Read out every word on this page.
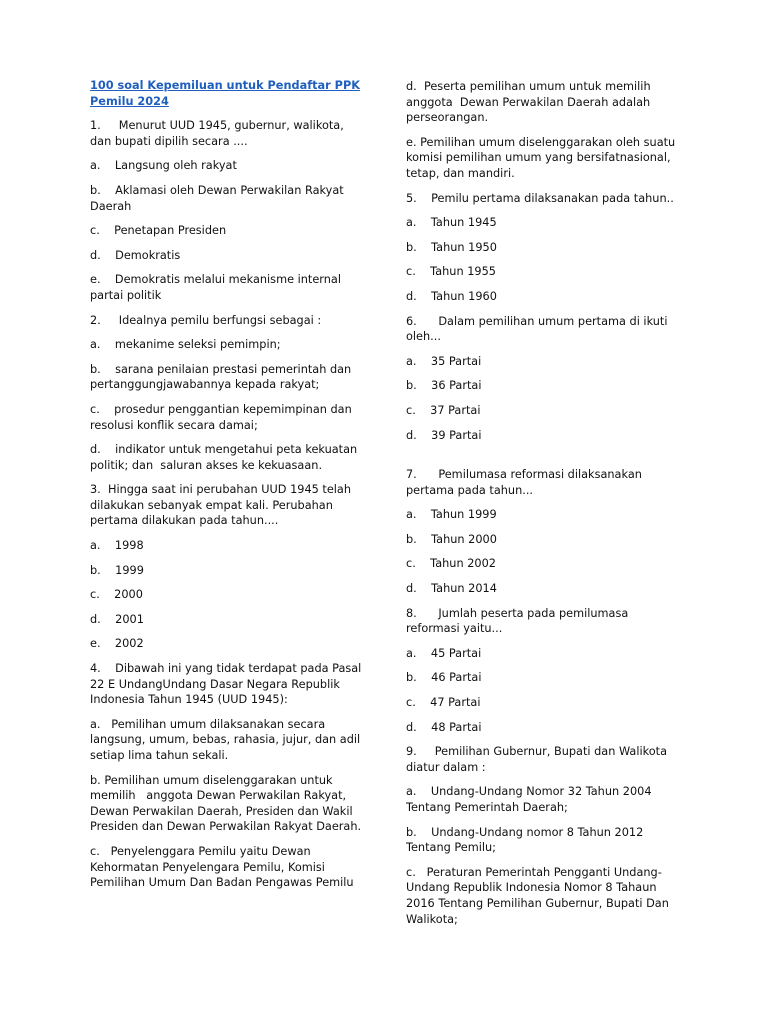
100 soal Kepemiluan untuk Pendaftar PPK Pemilu 2024

1.     Menurut UUD 1945, gubernur, walikota, dan bupati dipilih secara ....

a.    Langsung oleh rakyat

b.    Aklamasi oleh Dewan Perwakilan Rakyat Daerah

c.    Penetapan Presiden

d.    Demokratis

e.    Demokratis melalui mekanisme internal partai politik

2.     Idealnya pemilu berfungsi sebagai :

a.    mekanime seleksi pemimpin;

b.    sarana penilaian prestasi pemerintah dan pertanggungjawabannya kepada rakyat;

c.    prosedur penggantian kepemimpinan dan resolusi konflik secara damai;

d.    indikator untuk mengetahui peta kekuatan politik; dan  saluran akses ke kekuasaan.

3.  Hingga saat ini perubahan UUD 1945 telah dilakukan sebanyak empat kali. Perubahan pertama dilakukan pada tahun....

a.    1998

b.    1999

c.    2000

d.    2001

e.    2002

4.    Dibawah ini yang tidak terdapat pada Pasal 22 E UndangUndang Dasar Negara Republik Indonesia Tahun 1945 (UUD 1945):

a.   Pemilihan umum dilaksanakan secara langsung, umum, bebas, rahasia, jujur, dan adil setiap lima tahun sekali.

b. Pemilihan umum diselenggarakan untuk memilih   anggota Dewan Perwakilan Rakyat, Dewan Perwakilan Daerah, Presiden dan Wakil Presiden dan Dewan Perwakilan Rakyat Daerah.

c.   Penyelenggara Pemilu yaitu Dewan Kehormatan Penyelengara Pemilu, Komisi Pemilihan Umum Dan Badan Pengawas Pemilu

d.  Peserta pemilihan umum untuk memilih anggota  Dewan Perwakilan Daerah adalah perseorangan.

e. Pemilihan umum diselenggarakan oleh suatu komisi pemilihan umum yang bersifatnasional, tetap, dan mandiri.

5.    Pemilu pertama dilaksanakan pada tahun..

a.    Tahun 1945

b.    Tahun 1950

c.    Tahun 1955

d.    Tahun 1960

6.      Dalam pemilihan umum pertama di ikuti oleh...

a.    35 Partai

b.    36 Partai

c.    37 Partai

d.    39 Partai

7.      Pemilumasa reformasi dilaksanakan pertama pada tahun...

a.    Tahun 1999

b.    Tahun 2000

c.    Tahun 2002

d.    Tahun 2014

8.      Jumlah peserta pada pemilumasa reformasi yaitu...

a.    45 Partai

b.    46 Partai

c.    47 Partai

d.    48 Partai

9.     Pemilihan Gubernur, Bupati dan Walikota diatur dalam :

a.    Undang-Undang Nomor 32 Tahun 2004 Tentang Pemerintah Daerah;

b.    Undang-Undang nomor 8 Tahun 2012 Tentang Pemilu;

c.   Peraturan Pemerintah Pengganti Undang-Undang Republik Indonesia Nomor 8 Tahaun 2016 Tentang Pemilihan Gubernur, Bupati Dan Walikota;
